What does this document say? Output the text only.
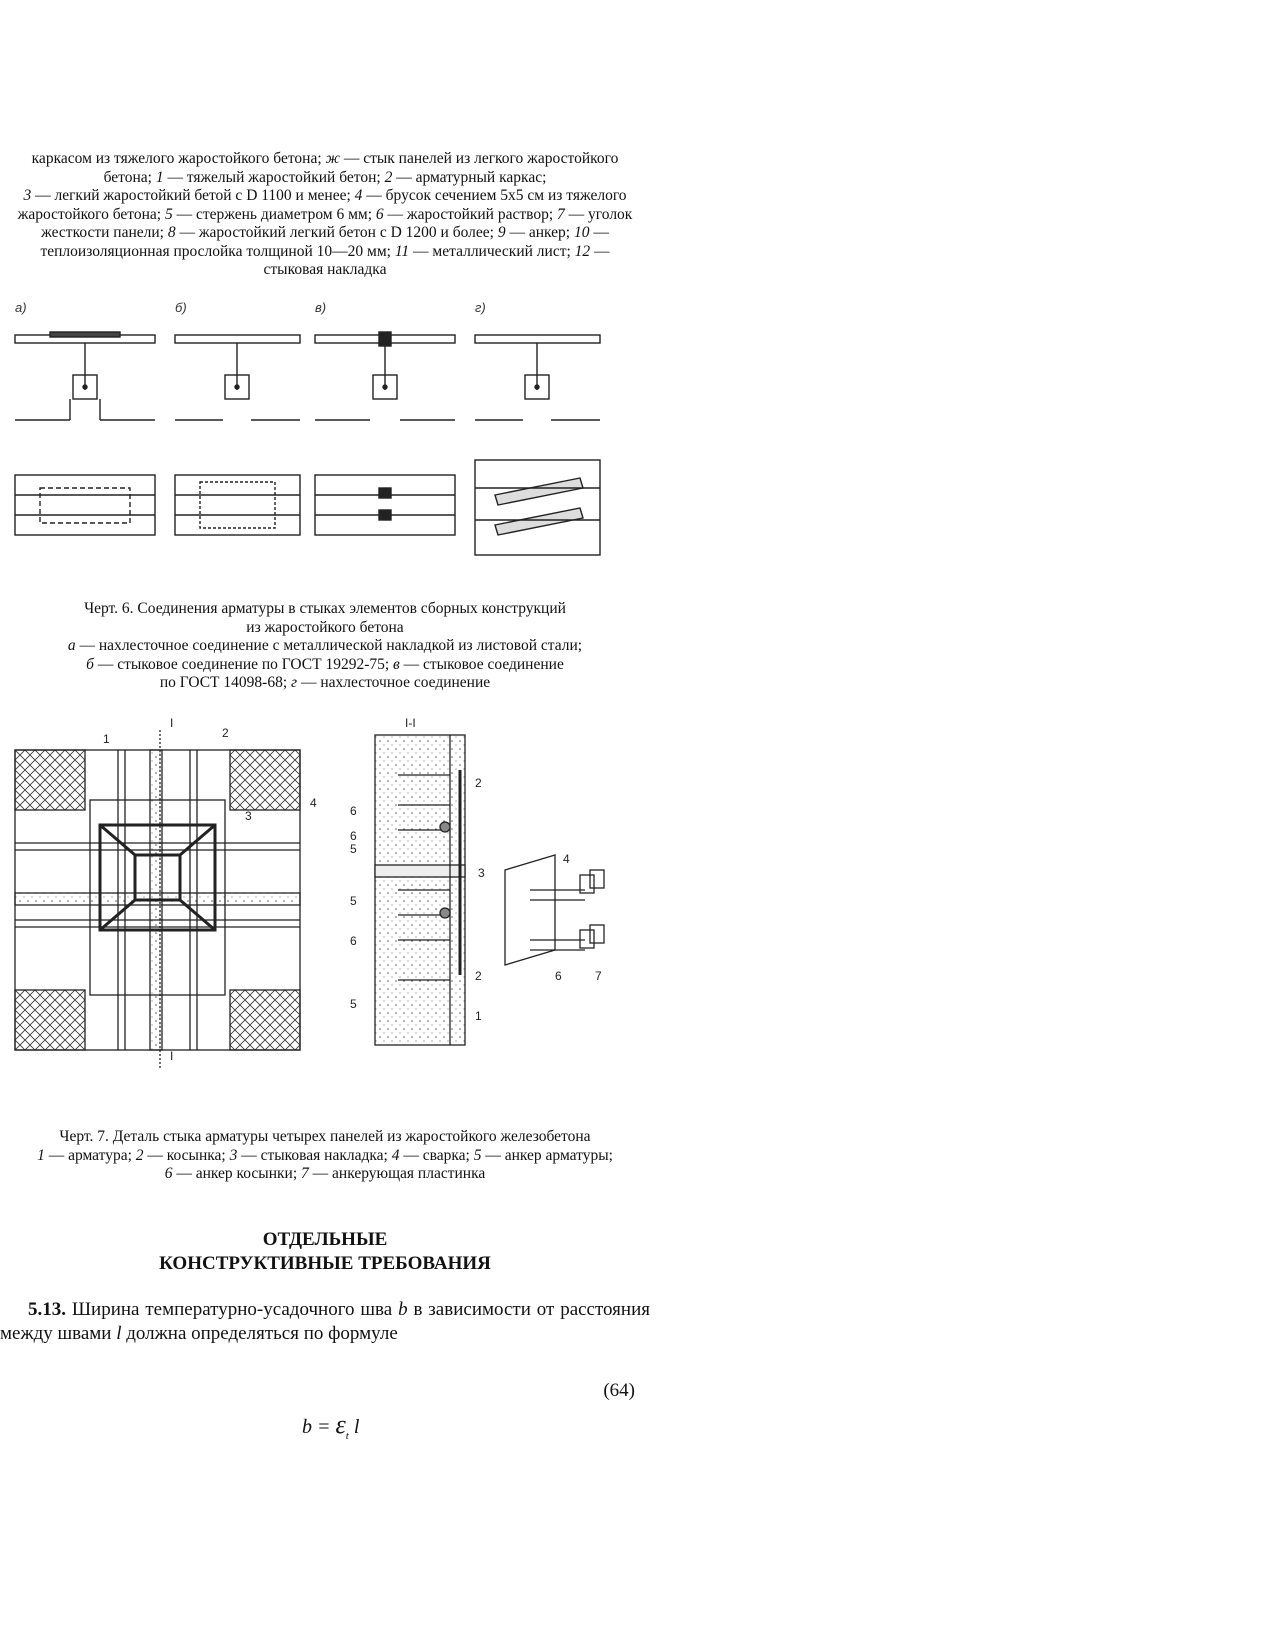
каркасом из тяжелого жаростойкого бетона; ж — стык панелей из легкого жаростойкого
бетона; 1 — тяжелый жаростойкий бетон; 2 — арматурный каркас;
3 — легкий жаростойкий бетой с D 1100 и менее; 4 — брусок сечением 5x5 см из тяжелого
жаростойкого бетона; 5 — стержень диаметром 6 мм; 6 — жаростойкий раствор; 7 — уголок
жесткости панели; 8 — жаростойкий легкий бетон с D 1200 и более; 9 — анкер; 10 —
теплоизоляционная прослойка толщиной 10—20 мм; 11 — металлический лист; 12 —
стыковая накладка
а)	б)	в)	г)
Черт. 6. Соединения арматуры в стыках элементов сборных конструкций
из жаростойкого бетона
а — нахлесточное соединение с металлической накладкой из листовой стали;
б — стыковое соединение по ГОСТ 19292-75; в — стыковое соединение
по ГОСТ 14098-68; г — нахлесточное соединение
I
I
I-I
1	2
3
4
2
6
6
5
3
5
6
2
5
1
4
6	7
Черт. 7. Деталь стыка арматуры четырех панелей из жаростойкого железобетона
1 — арматура; 2 — косынка; 3 — стыковая накладка; 4 — сварка; 5 — анкер арматуры;
6 — анкер косынки; 7 — анкерующая пластинка
ОТДЕЛЬНЫЕ
КОНСТРУКТИВНЫЕ ТРЕБОВАНИЯ
5.13. Ширина температурно-усадочного шва b в зависимости от расстояния между швами l должна определяться по формуле
(64)
$b = \varepsilon_t$ l
